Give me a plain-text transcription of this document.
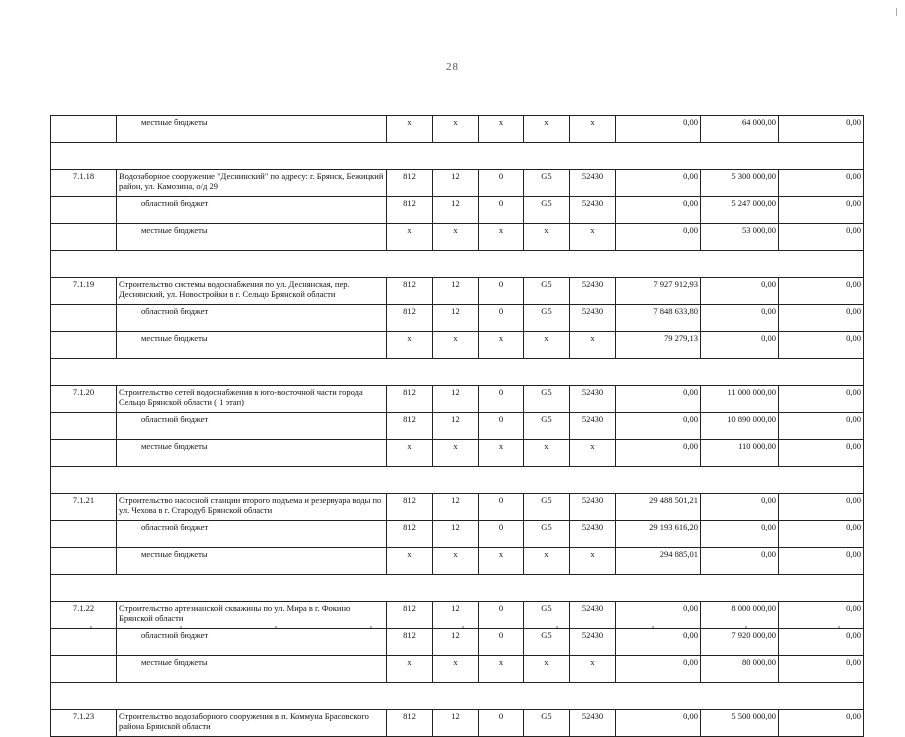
28
	местные бюджеты	x	x	x	x	x	0,00	64 000,00	0,00

7.1.18	Водозаборное сооружение "Деснинский" по адресу: г. Брянск, Бежицкий район, ул. Камозина, о/д 29	812	12	0	G5	52430	0,00	5 300 000,00	0,00
	областной бюджет	812	12	0	G5	52430	0,00	5 247 000,00	0,00
	местные бюджеты	x	x	x	x	x	0,00	53 000,00	0,00

7.1.19	Строительство системы водоснабжения по ул. Деснянская, пер. Деснянский, ул. Новостройки в г. Сельцо Брянской области	812	12	0	G5	52430	7 927 912,93	0,00	0,00
	областной бюджет	812	12	0	G5	52430	7 848 633,80	0,00	0,00
	местные бюджеты	x	x	x	x	x	79 279,13	0,00	0,00

7.1.20	Строительство сетей водоснабжения в юго-восточной части города Сельцо Брянской области ( 1 этап)	812	12	0	G5	52430	0,00	11 000 000,00	0,00
	областной бюджет	812	12	0	G5	52430	0,00	10 890 000,00	0,00
	местные бюджеты	x	x	x	x	x	0,00	110 000,00	0,00

7.1.21	Строительство насосной станции второго подъема и резервуара воды по ул. Чехова в г. Стародуб Брянской области	812	12	0	G5	52430	29 488 501,21	0,00	0,00
	областной бюджет	812	12	0	G5	52430	29 193 616,20	0,00	0,00
	местные бюджеты	x	x	x	x	x	294 885,01	0,00	0,00

7.1.22	Строительство артезианской скважины по ул. Мира в г. Фокино Брянской области	812	12	0	G5	52430	0,00	8 000 000,00	0,00
	областной бюджет	812	12	0	G5	52430	0,00	7 920 000,00	0,00
	местные бюджеты	x	x	x	x	x	0,00	80 000,00	0,00

7.1.23	Строительство водозаборного сооружения в п. Коммуна Брасовского района Брянской области	812	12	0	G5	52430	0,00	5 500 000,00	0,00
